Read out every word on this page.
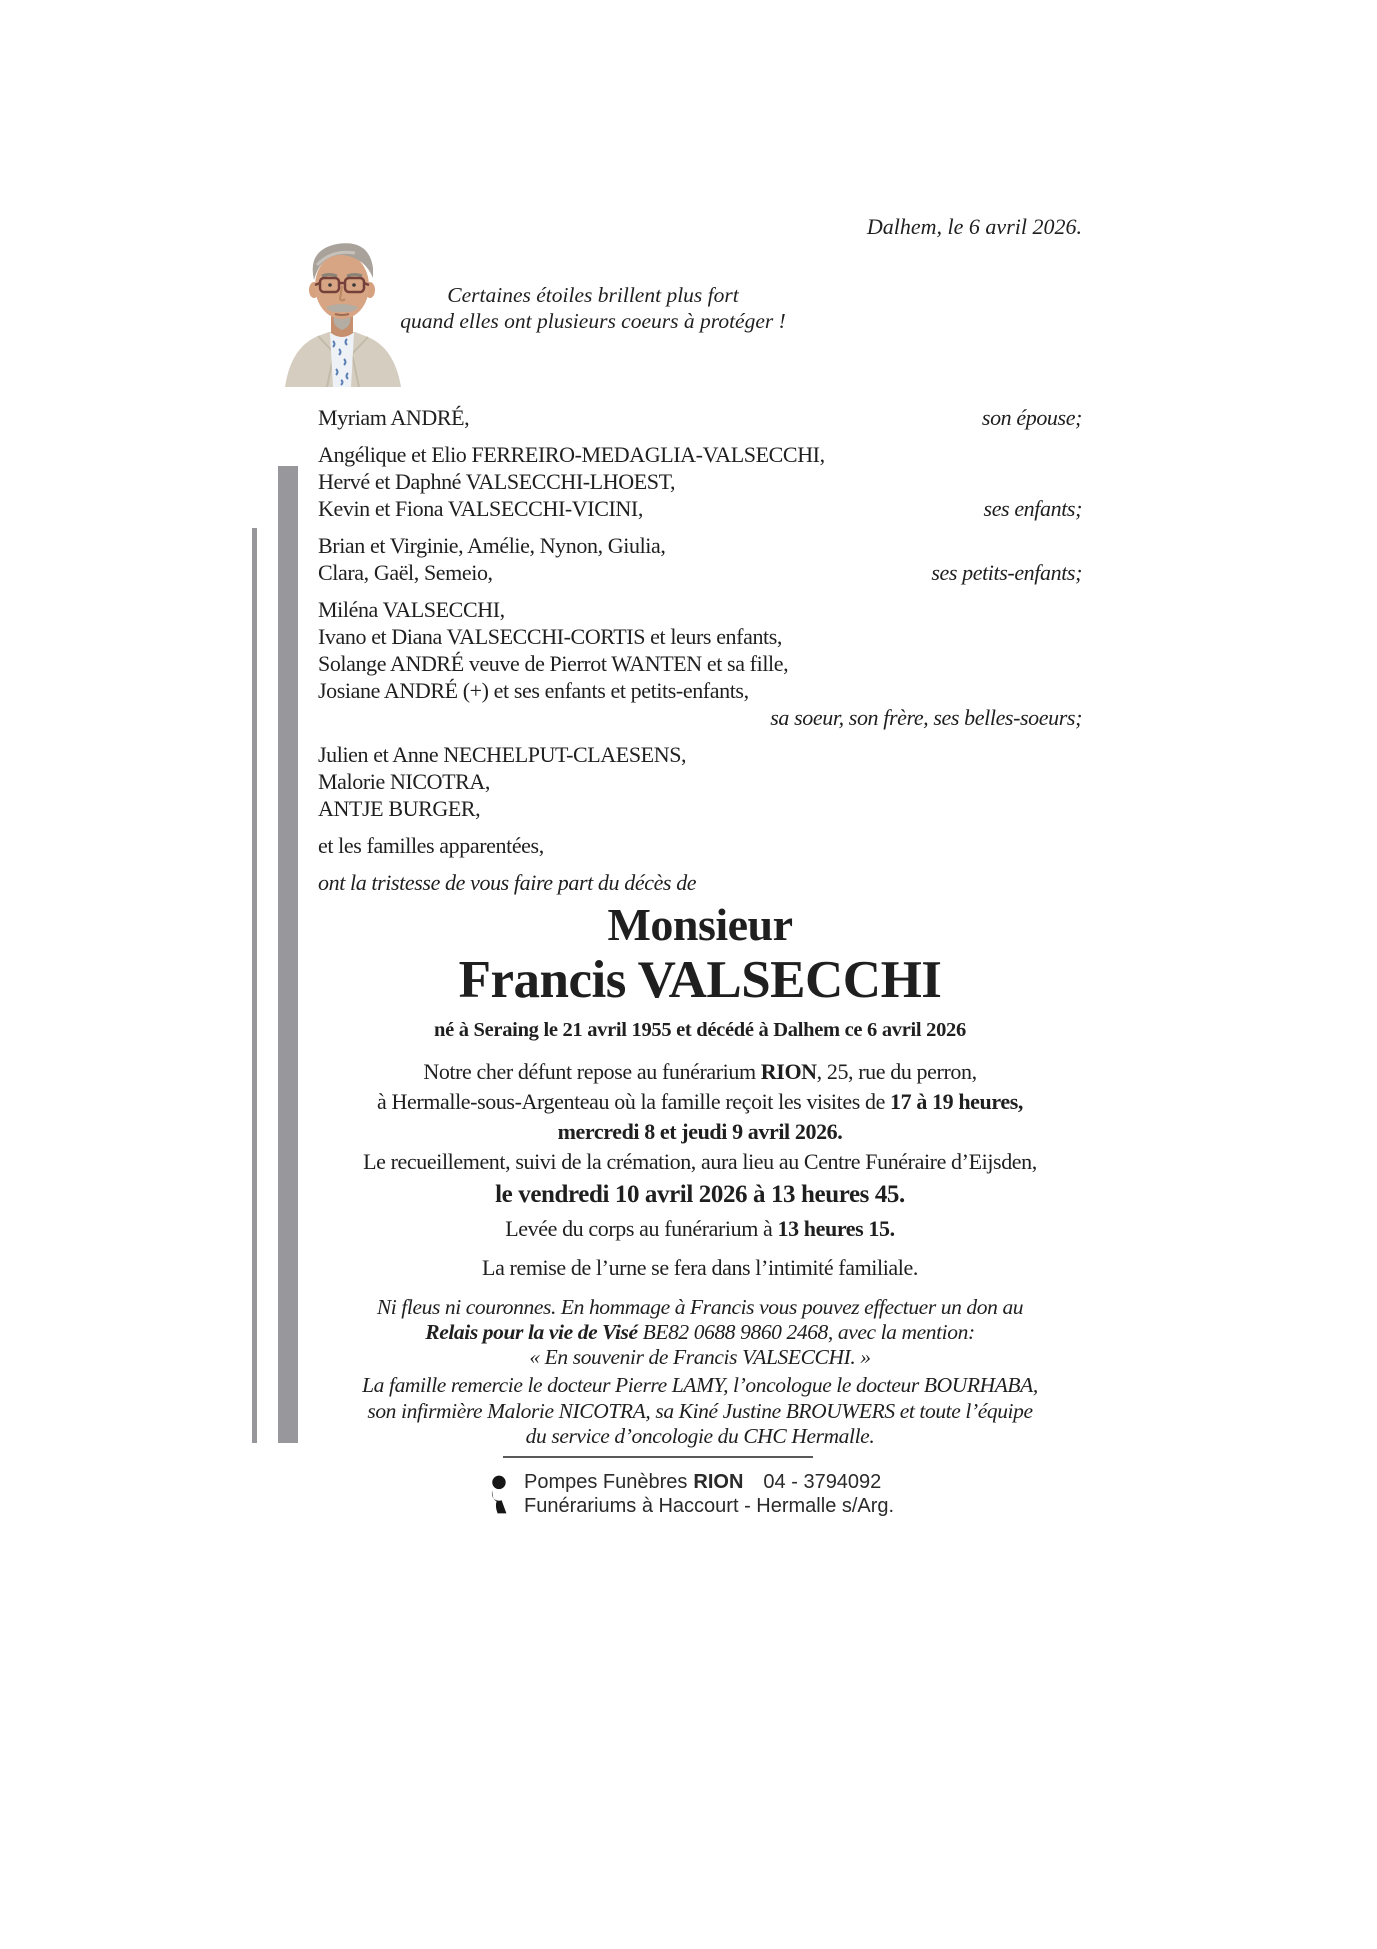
Dalhem, le 6 avril 2026.
Certaines étoiles brillent plus fort
quand elles ont plusieurs coeurs à protéger !
Myriam ANDRÉ,	son épouse;
Angélique et Elio FERREIRO-MEDAGLIA-VALSECCHI,
Hervé et Daphné VALSECCHI-LHOEST,
Kevin et Fiona VALSECCHI-VICINI,	ses enfants;
Brian et Virginie, Amélie, Nynon, Giulia,
Clara, Gaël, Semeio,	ses petits-enfants;
Miléna VALSECCHI,
Ivano et Diana VALSECCHI-CORTIS et leurs enfants,
Solange ANDRÉ veuve de Pierrot WANTEN et sa fille,
Josiane ANDRÉ (+) et ses enfants et petits-enfants,
sa soeur, son frère, ses belles-soeurs;
Julien et Anne NECHELPUT-CLAESENS,
Malorie NICOTRA,
ANTJE BURGER,
et les familles apparentées,
ont la tristesse de vous faire part du décès de
Monsieur
Francis VALSECCHI
né à Seraing le 21 avril 1955 et décédé à Dalhem ce 6 avril 2026
Notre cher défunt repose au funérarium RION, 25, rue du perron,
à Hermalle-sous-Argenteau où la famille reçoit les visites de 17 à 19 heures,
mercredi 8 et jeudi 9 avril 2026.
Le recueillement, suivi de la crémation, aura lieu au Centre Funéraire d’Eijsden,
le vendredi 10 avril 2026 à 13 heures 45.
Levée du corps au funérarium à 13 heures 15.
La remise de l’urne se fera dans l’intimité familiale.
Ni fleus ni couronnes. En hommage à Francis vous pouvez effectuer un don au
Relais pour la vie de Visé BE82 0688 9860 2468, avec la mention:
« En souvenir de Francis VALSECCHI. »
La famille remercie le docteur Pierre LAMY, l’oncologue le docteur BOURHABA,
son infirmière Malorie NICOTRA, sa Kiné Justine BROUWERS et toute l’équipe
du service d’oncologie du CHC Hermalle.
Pompes Funèbres RION 04 - 3794092
Funérariums à Haccourt - Hermalle s/Arg.
